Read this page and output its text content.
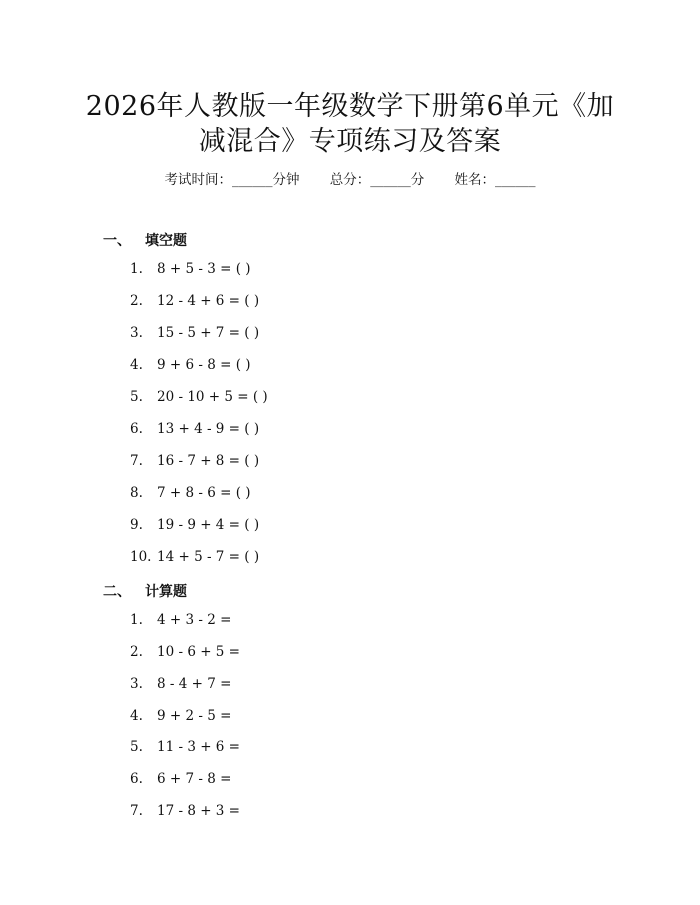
2026年人教版一年级数学下册第6单元《加
减混合》专项练习及答案
考试时间：______分钟 总分：______分 姓名：______
一、 填空题
1. 8 + 5 - 3 = ( )
2. 12 - 4 + 6 = ( )
3. 15 - 5 + 7 = ( )
4. 9 + 6 - 8 = ( )
5. 20 - 10 + 5 = ( )
6. 13 + 4 - 9 = ( )
7. 16 - 7 + 8 = ( )
8. 7 + 8 - 6 = ( )
9. 19 - 9 + 4 = ( )
10. 14 + 5 - 7 = ( )
二、 计算题
1. 4 + 3 - 2 =
2. 10 - 6 + 5 =
3. 8 - 4 + 7 =
4. 9 + 2 - 5 =
5. 11 - 3 + 6 =
6. 6 + 7 - 8 =
7. 17 - 8 + 3 =
